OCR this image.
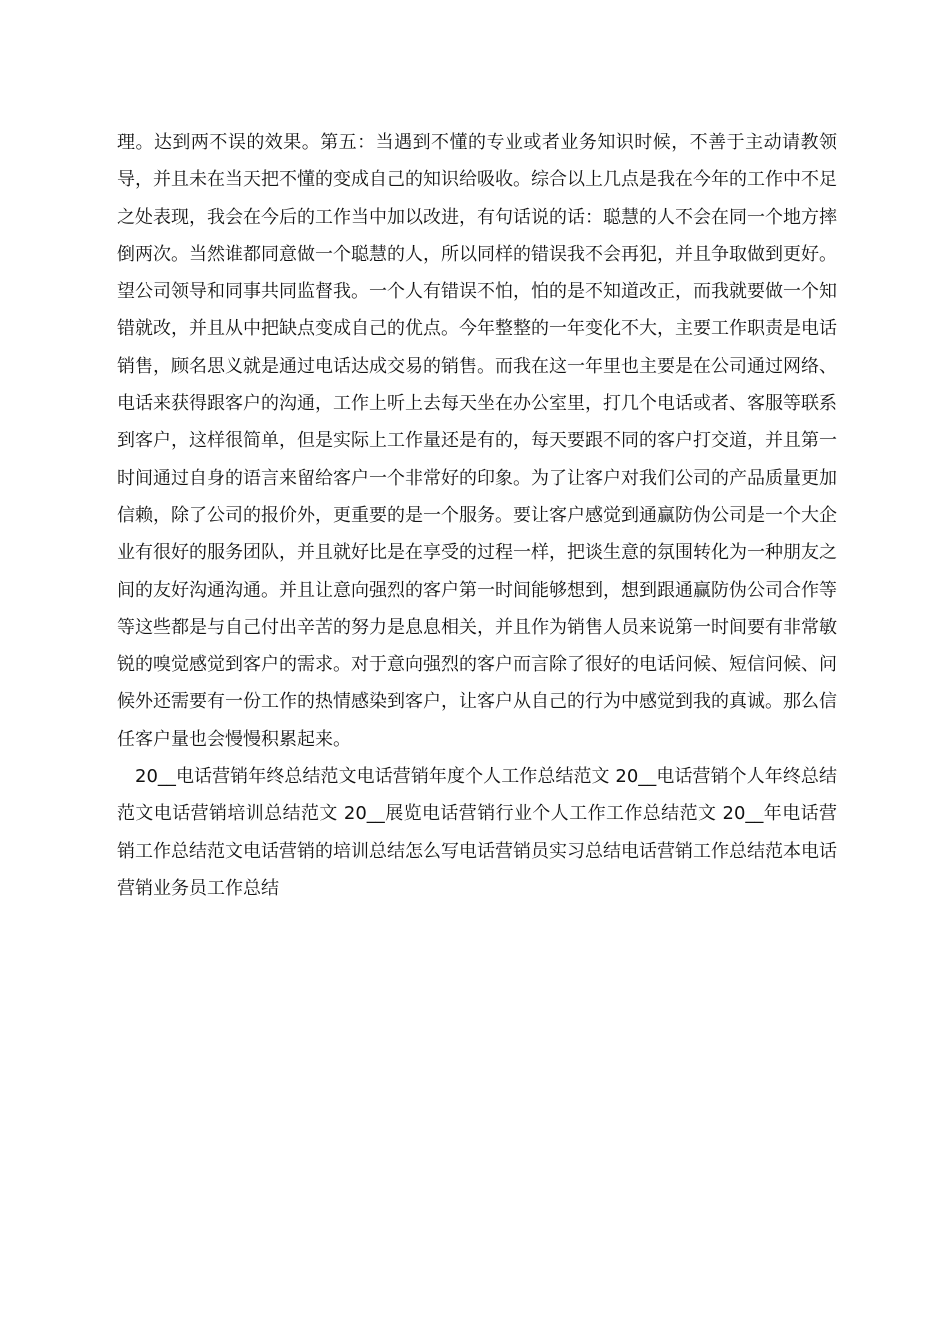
理。达到两不误的效果。第五：当遇到不懂的专业或者业务知识时候，不善于主动请教领导，并且未在当天把不懂的变成自己的知识给吸收。综合以上几点是我在今年的工作中不足之处表现，我会在今后的工作当中加以改进，有句话说的话：聪慧的人不会在同一个地方摔倒两次。当然谁都同意做一个聪慧的人，所以同样的错误我不会再犯，并且争取做到更好。望公司领导和同事共同监督我。一个人有错误不怕，怕的是不知道改正，而我就要做一个知错就改，并且从中把缺点变成自己的优点。今年整整的一年变化不大，主要工作职责是电话销售，顾名思义就是通过电话达成交易的销售。而我在这一年里也主要是在公司通过网络、电话来获得跟客户的沟通，工作上听上去每天坐在办公室里，打几个电话或者、客服等联系到客户，这样很简单，但是实际上工作量还是有的，每天要跟不同的客户打交道，并且第一时间通过自身的语言来留给客户一个非常好的印象。为了让客户对我们公司的产品质量更加信赖，除了公司的报价外，更重要的是一个服务。要让客户感觉到通赢防伪公司是一个大企业有很好的服务团队，并且就好比是在享受的过程一样，把谈生意的氛围转化为一种朋友之间的友好沟通沟通。并且让意向强烈的客户第一时间能够想到，想到跟通赢防伪公司合作等等这些都是与自己付出辛苦的努力是息息相关，并且作为销售人员来说第一时间要有非常敏锐的嗅觉感觉到客户的需求。对于意向强烈的客户而言除了很好的电话问候、短信问候、问候外还需要有一份工作的热情感染到客户，让客户从自己的行为中感觉到我的真诚。那么信任客户量也会慢慢积累起来。

20__电话营销年终总结范文电话营销年度个人工作总结范文 20__电话营销个人年终总结范文电话营销培训总结范文 20__展览电话营销行业个人工作工作总结范文 20__年电话营销工作总结范文电话营销的培训总结怎么写电话营销员实习总结电话营销工作总结范本电话营销业务员工作总结
